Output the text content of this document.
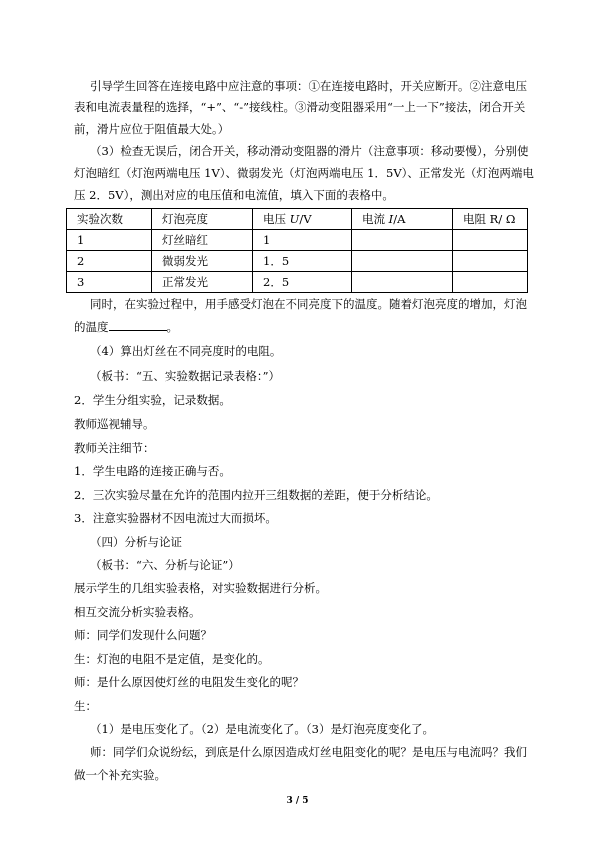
引导学生回答在连接电路中应注意的事项：①在连接电路时，开关应断开。②注意电压
表和电流表量程的选择，“+”、“-”接线柱。③滑动变阻器采用“一上一下”接法，闭合开关
前，滑片应位于阻值最大处。）
（3）检查无误后，闭合开关，移动滑动变阻器的滑片（注意事项：移动要慢），分别使
灯泡暗红（灯泡两端电压 1V）、微弱发光（灯泡两端电压 1．5V）、正常发光（灯泡两端电
压 2．5V），测出对应的电压值和电流值，填入下面的表格中。
实验次数	灯泡亮度	电压 U/V	电流 I/A	电阻 R/ Ω
1	灯丝暗红	1		
2	微弱发光	1．5		
3	正常发光	2．5		
同时，在实验过程中，用手感受灯泡在不同亮度下的温度。随着灯泡亮度的增加，灯泡
的温度	。
（4）算出灯丝在不同亮度时的电阻。
（板书：“五、实验数据记录表格：”）
2．学生分组实验，记录数据。
教师巡视辅导。
教师关注细节：
1．学生电路的连接正确与否。
2．三次实验尽量在允许的范围内拉开三组数据的差距，便于分析结论。
3．注意实验器材不因电流过大而损坏。
（四）分析与论证
（板书：“六、分析与论证”）
展示学生的几组实验表格，对实验数据进行分析。
相互交流分析实验表格。
师：同学们发现什么问题？
生：灯泡的电阻不是定值，是变化的。
师：是什么原因使灯丝的电阻发生变化的呢？
生：
（1）是电压变化了。（2）是电流变化了。（3）是灯泡亮度变化了。
师：同学们众说纷纭，到底是什么原因造成灯丝电阻变化的呢？是电压与电流吗？我们
做一个补充实验。
3 / 5
